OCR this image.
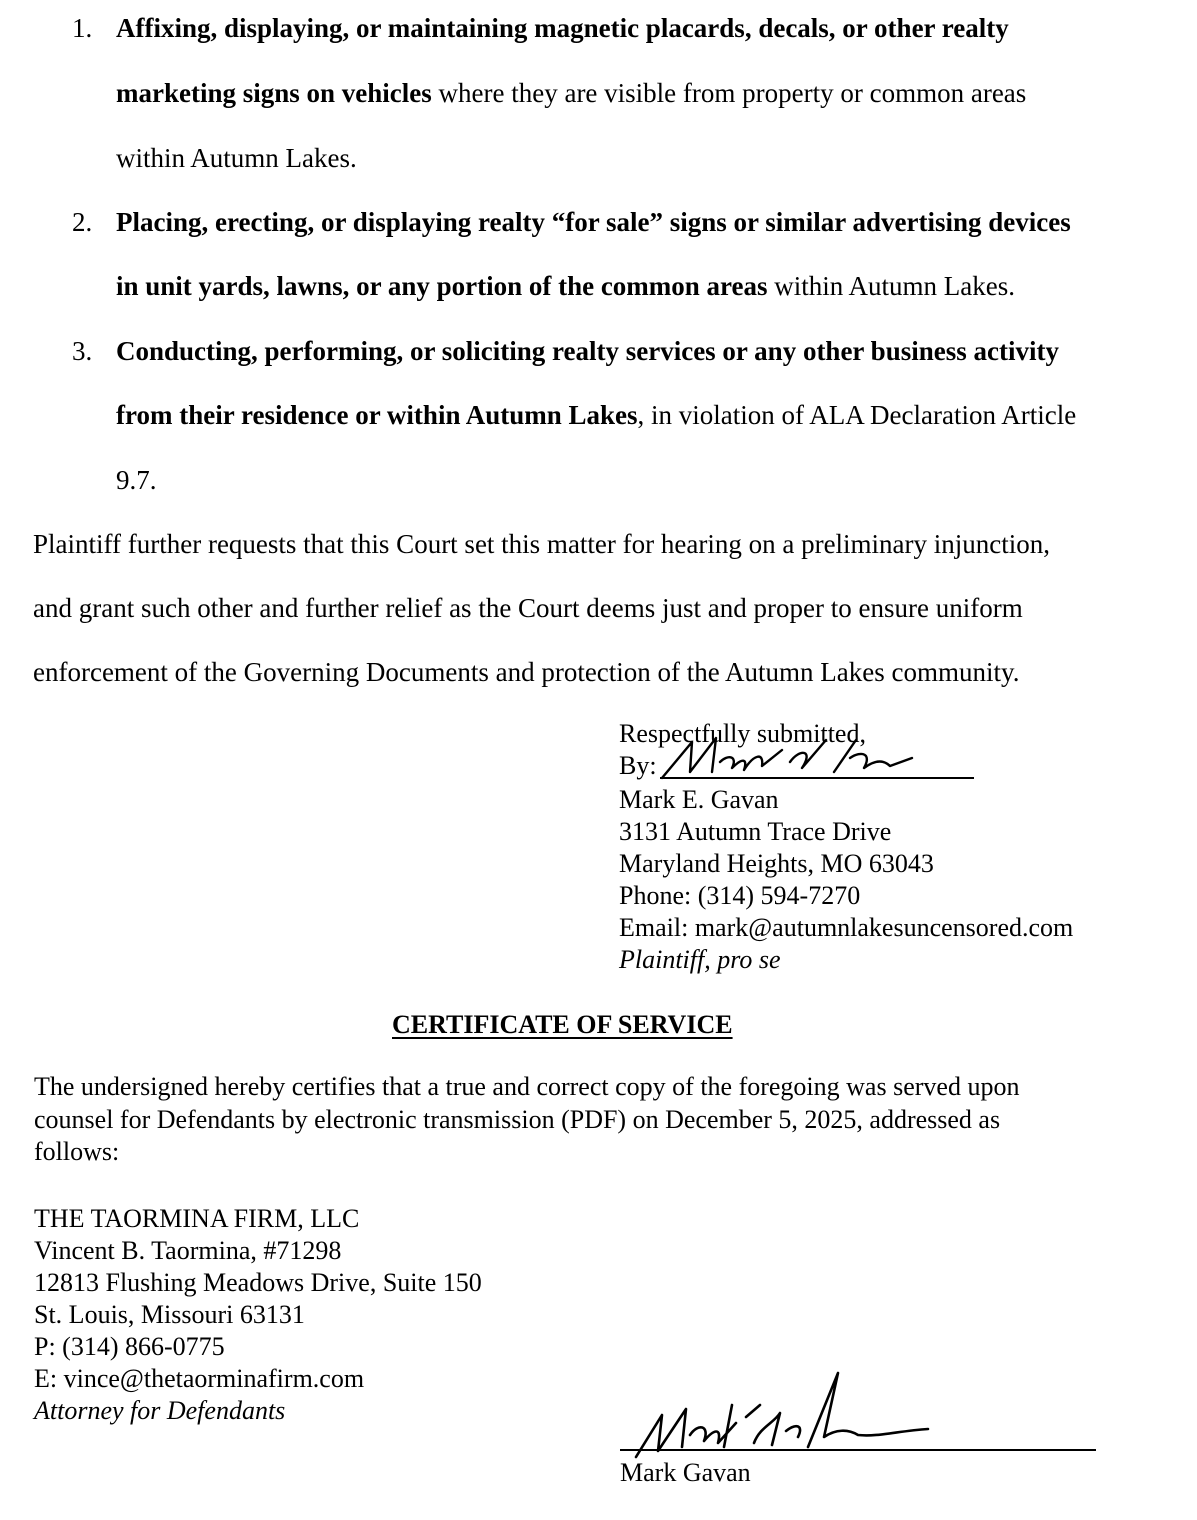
1. Affixing, displaying, or maintaining magnetic placards, decals, or other realty
marketing signs on vehicles where they are visible from property or common areas
within Autumn Lakes.
2. Placing, erecting, or displaying realty “for sale” signs or similar advertising devices
in unit yards, lawns, or any portion of the common areas within Autumn Lakes.
3. Conducting, performing, or soliciting realty services or any other business activity
from their residence or within Autumn Lakes, in violation of ALA Declaration Article
9.7.
Plaintiff further requests that this Court set this matter for hearing on a preliminary injunction,
and grant such other and further relief as the Court deems just and proper to ensure uniform
enforcement of the Governing Documents and protection of the Autumn Lakes community.
Respectfully submitted,
By:
Mark E. Gavan
3131 Autumn Trace Drive
Maryland Heights, MO 63043
Phone: (314) 594-7270
Email: mark@autumnlakesuncensored.com
Plaintiff, pro se
CERTIFICATE OF SERVICE
The undersigned hereby certifies that a true and correct copy of the foregoing was served upon
counsel for Defendants by electronic transmission (PDF) on December 5, 2025, addressed as
follows:
THE TAORMINA FIRM, LLC
Vincent B. Taormina, #71298
12813 Flushing Meadows Drive, Suite 150
St. Louis, Missouri 63131
P: (314) 866-0775
E: vince@thetaorminafirm.com
Attorney for Defendants
Mark Gavan
